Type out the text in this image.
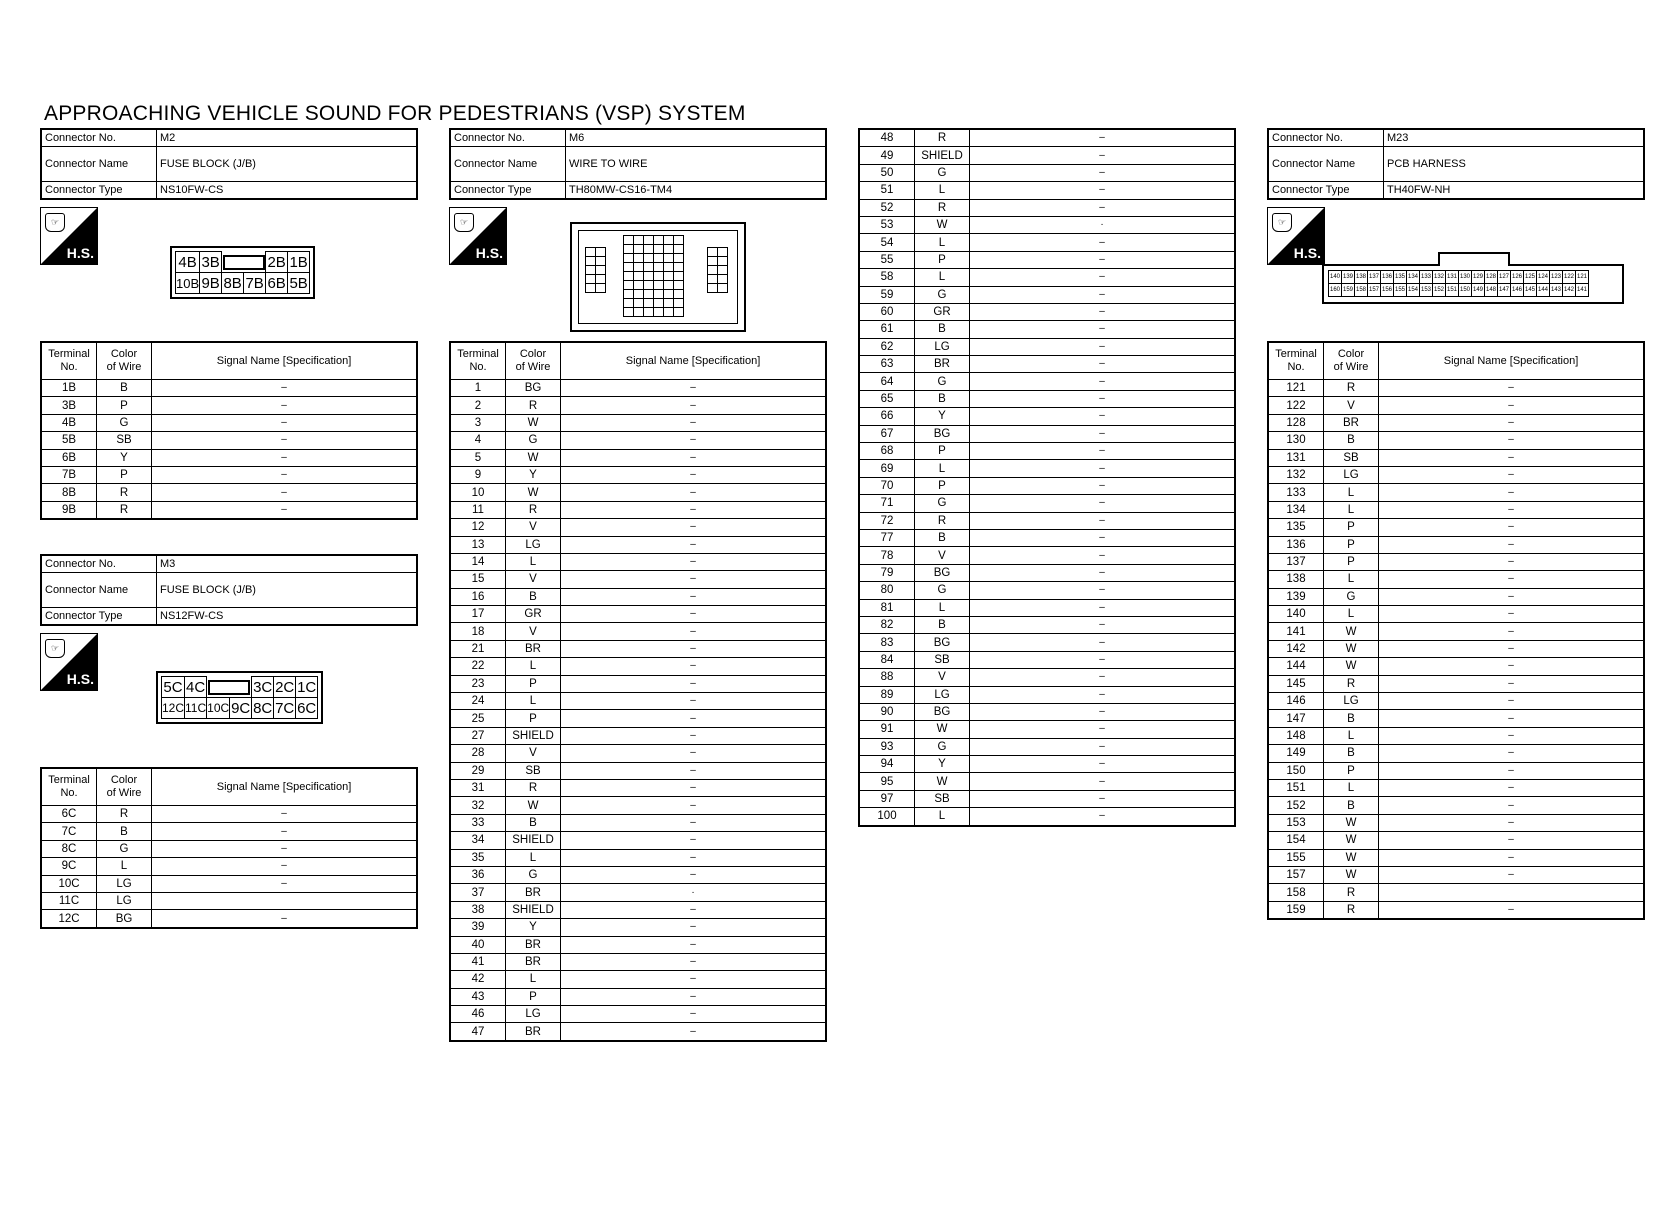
APPROACHING VEHICLE SOUND FOR PEDESTRIANS (VSP) SYSTEM
Connector No.	M2
Connector Name	FUSE BLOCK (J/B)
Connector Type	NS10FW-CS
☞
H.S.
4B	3B			2B	1B
10B	9B	8B	7B	6B	5B
Terminal
No.	Color
of Wire	Signal Name [Specification]
1B	B	–
3B	P	–
4B	G	–
5B	SB	–
6B	Y	–
7B	P	–
8B	R	–
9B	R	–
Connector No.	M3
Connector Name	FUSE BLOCK (J/B)
Connector Type	NS12FW-CS
☞
H.S.	5C	4C			3C	2C	1C
12C	11C	10C	9C	8C	7C	6C
Terminal
No.	Color
of Wire	Signal Name [Specification]
6C	R	–
7C	B	–
8C	G	–
9C	L	–
10C	LG	–
11C	LG	
12C	BG	–
Connector No.	M6
Connector Name	WIRE TO WIRE
Connector Type	TH80MW-CS16-TM4
☞
H.S.

Terminal
No.	Color
of Wire	Signal Name [Specification]
1	BG	–
2	R	–
3	W	–
4	G	–
5	W	–
9	Y	–
10	W	–
11	R	–
12	V	–
13	LG	–
14	L	–
15	V	–
16	B	–
17	GR	–
18	V	–
21	BR	–
22	L	–
23	P	–
24	L	–
25	P	–
27	SHIELD	–
28	V	–
29	SB	–
31	R	–
32	W	–
33	B	–
34	SHIELD	–
35	L	–
36	G	–
37	BR	·
38	SHIELD	–
39	Y	–
40	BR	–
41	BR	–
42	L	–
43	P	–
46	LG	–
47	BR	–
48	R	–
49	SHIELD	–
50	G	–
51	L	–
52	R	–
53	W	·
54	L	–
55	P	–
58	L	–
59	G	–
60	GR	–
61	B	–
62	LG	–
63	BR	–
64	G	–
65	B	–
66	Y	–
67	BG	–
68	P	–
69	L	–
70	P	–
71	G	–
72	R	–
77	B	–
78	V	–
79	BG	–
80	G	–
81	L	–
82	B	–
83	BG	–
84	SB	–
88	V	–
89	LG	–
90	BG	–
91	W	–
93	G	–
94	Y	–
95	W	–
97	SB	–
100	L	–
Connector No.	M23
Connector Name	PCB HARNESS
Connector Type	TH40FW-NH
☞
H.S.
140	139	138	137	136	135	134	133	132	131	130	129	128	127	126	125	124	123	122	121
160	159	158	157	156	155	154	153	152	151	150	149	148	147	146	145	144	143	142	141
Terminal
No.	Color
of Wire	Signal Name [Specification]
121	R	–
122	V	–
128	BR	–
130	B	–
131	SB	–
132	LG	–
133	L	–
134	L	–
135	P	–
136	P	–
137	P	–
138	L	–
139	G	–
140	L	–
141	W	–
142	W	–
144	W	–
145	R	–
146	LG	–
147	B	–
148	L	–
149	B	–
150	P	–
151	L	–
152	B	–
153	W	–
154	W	–
155	W	–
157	W	–
158	R	
159	R	–
